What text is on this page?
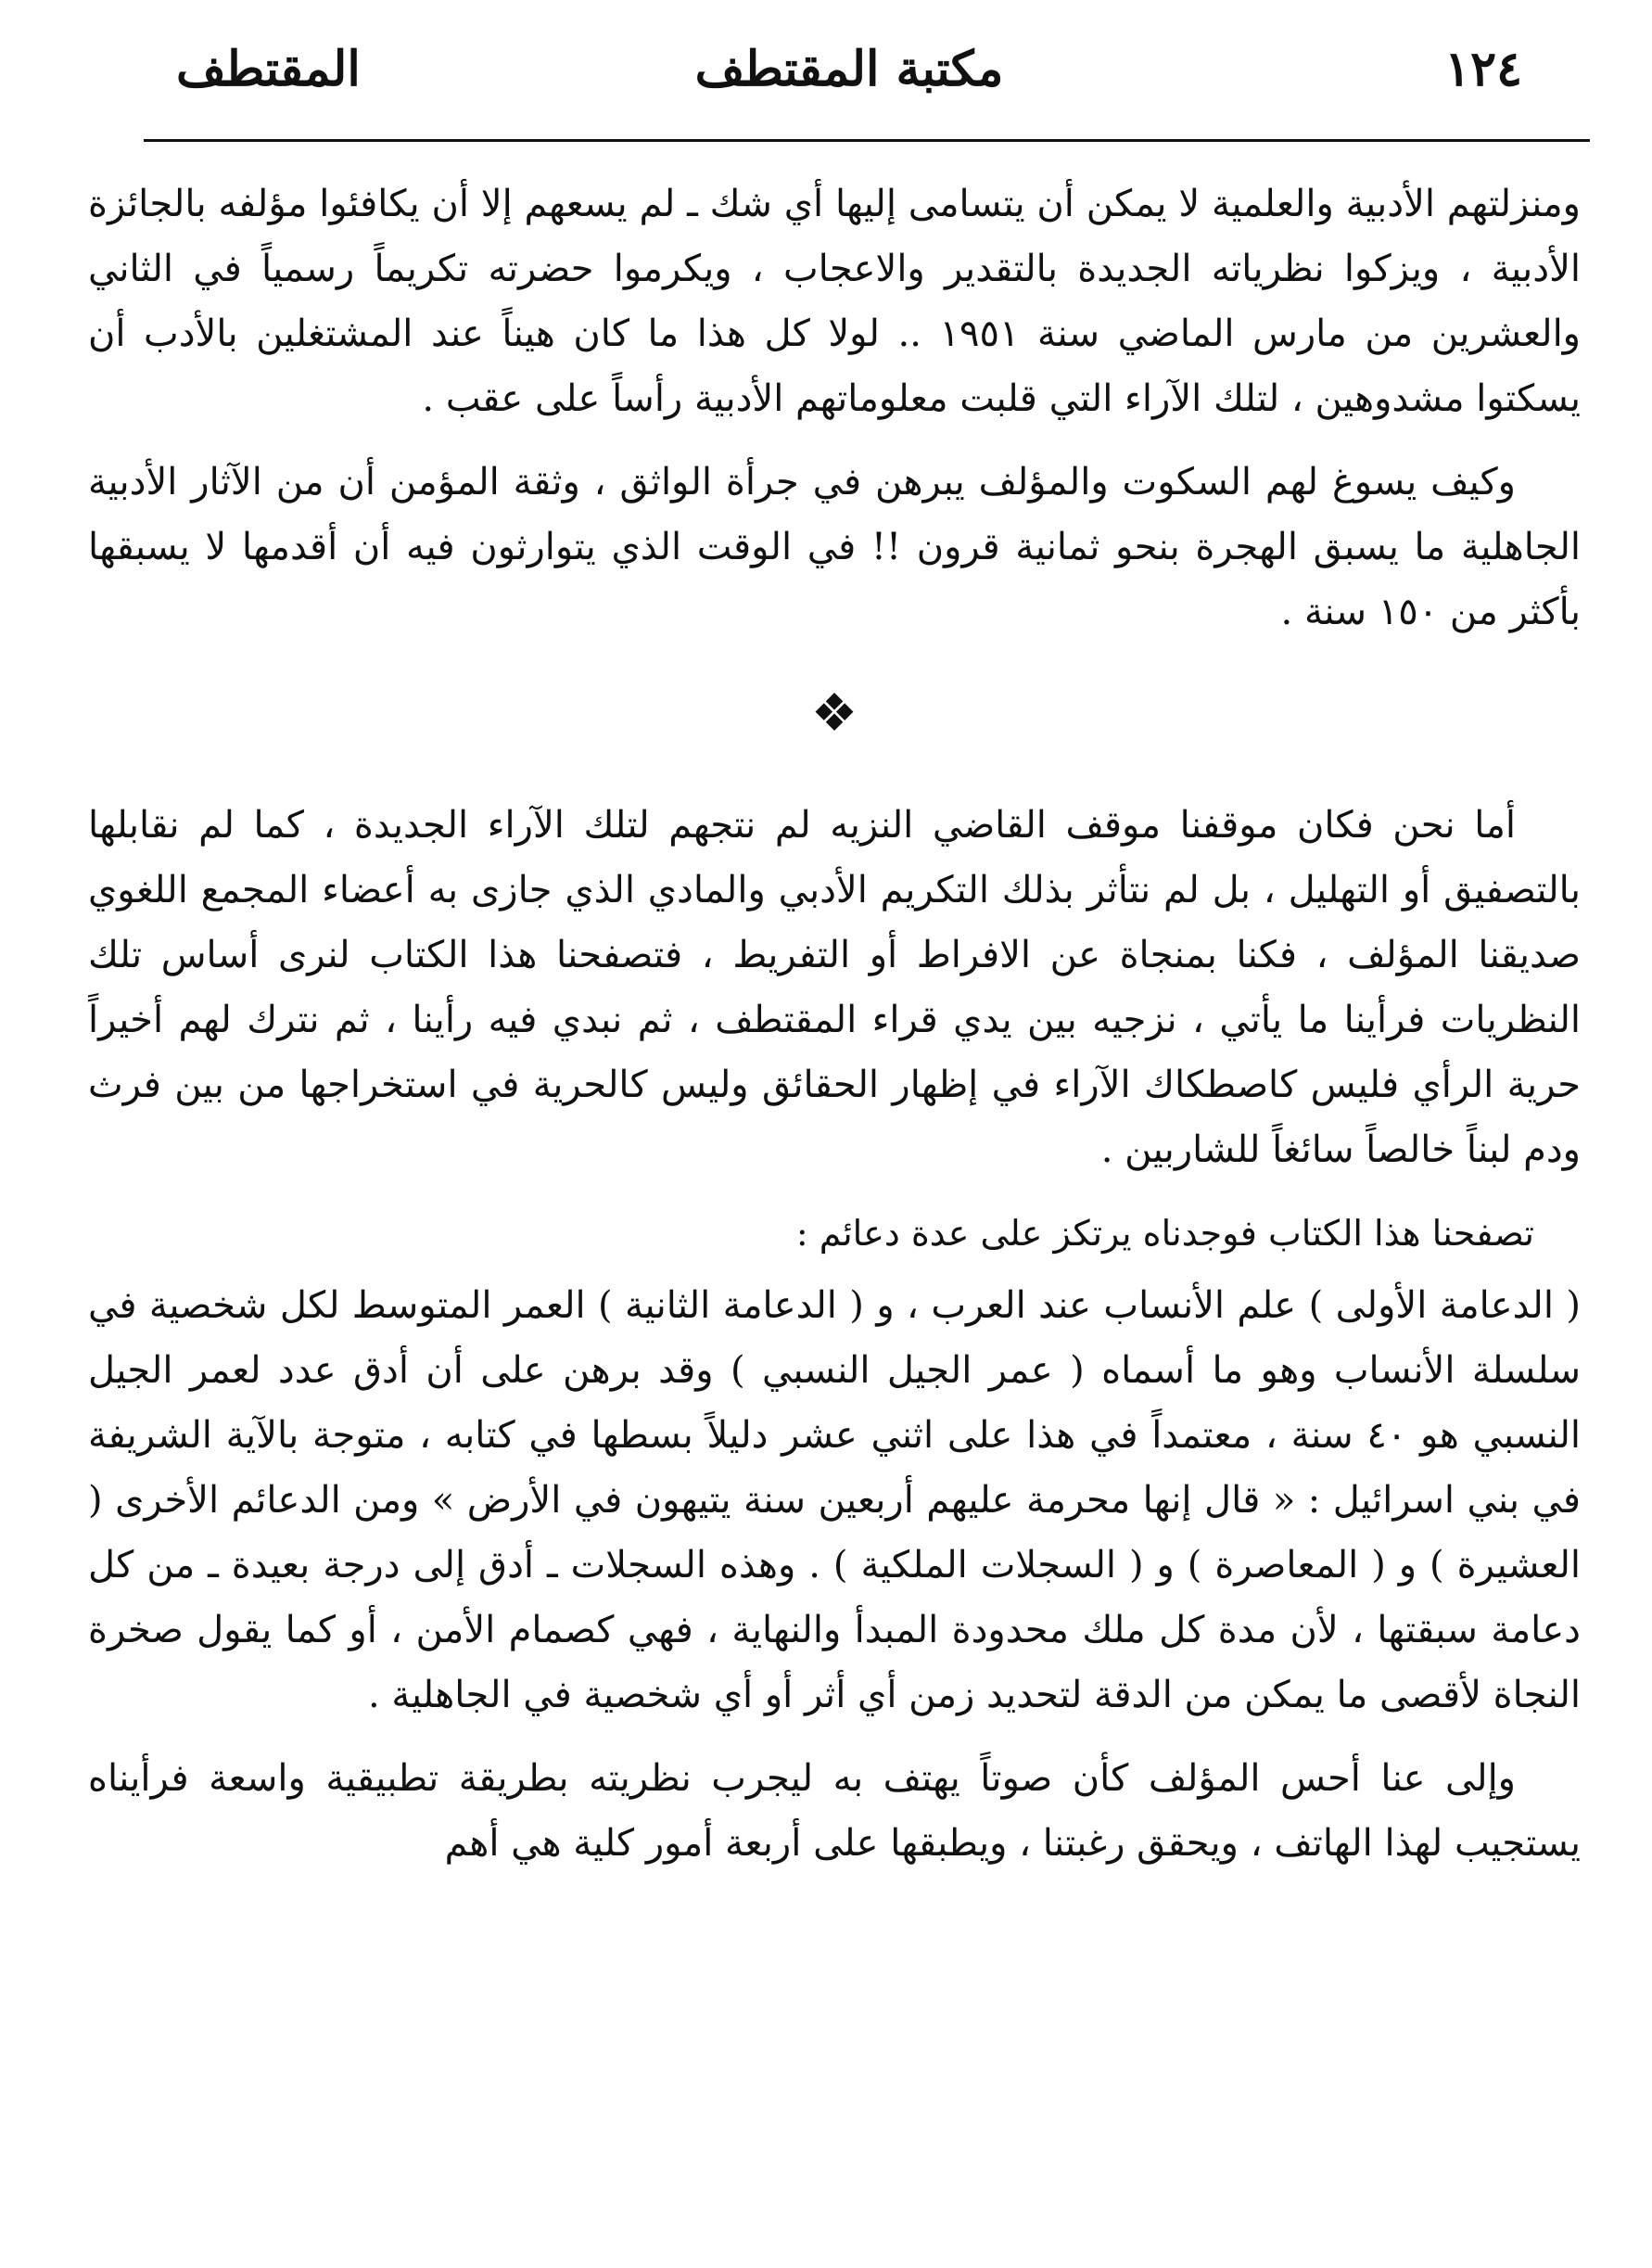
١٢٤
مكتبة المقتطف
المقتطف

ومنزلتهم الأدبية والعلمية لا يمكن أن يتسامى إليها أي شك ـ لم يسعهم إلا أن يكافئوا مؤلفه بالجائزة الأدبية ، ويزكوا نظرياته الجديدة بالتقدير والاعجاب ، ويكرموا حضرته تكريماً رسمياً في الثاني والعشرين من مارس الماضي سنة ١٩٥١ .. لولا كل هذا ما كان هيناً عند المشتغلين بالأدب أن يسكتوا مشدوهين ، لتلك الآراء التي قلبت معلوماتهم الأدبية رأساً على عقب .

وكيف يسوغ لهم السكوت والمؤلف يبرهن في جرأة الواثق ، وثقة المؤمن أن من الآثار الأدبية الجاهلية ما يسبق الهجرة بنحو ثمانية قرون !! في الوقت الذي يتوارثون فيه أن أقدمها لا يسبقها بأكثر من ١٥٠ سنة .

❖

أما نحن فكان موقفنا موقف القاضي النزيه لم نتجهم لتلك الآراء الجديدة ، كما لم نقابلها بالتصفيق أو التهليل ، بل لم نتأثر بذلك التكريم الأدبي والمادي الذي جازى به أعضاء المجمع اللغوي صديقنا المؤلف ، فكنا بمنجاة عن الافراط أو التفريط ، فتصفحنا هذا الكتاب لنرى أساس تلك النظريات فرأينا ما يأتي ، نزجيه بين يدي قراء المقتطف ، ثم نبدي فيه رأينا ، ثم نترك لهم أخيراً حرية الرأي فليس كاصطكاك الآراء في إظهار الحقائق وليس كالحرية في استخراجها من بين فرث ودم لبناً خالصاً سائغاً للشاربين .

تصفحنا هذا الكتاب فوجدناه يرتكز على عدة دعائم :

( الدعامة الأولى ) علم الأنساب عند العرب ، و ( الدعامة الثانية ) العمر المتوسط لكل شخصية في سلسلة الأنساب وهو ما أسماه ( عمر الجيل النسبي ) وقد برهن على أن أدق عدد لعمر الجيل النسبي هو ٤٠ سنة ، معتمداً في هذا على اثني عشر دليلاً بسطها في كتابه ، متوجة بالآية الشريفة في بني اسرائيل : « قال إنها محرمة عليهم أربعين سنة يتيهون في الأرض » ومن الدعائم الأخرى ( العشيرة ) و ( المعاصرة ) و ( السجلات الملكية ) . وهذه السجلات ـ أدق إلى درجة بعيدة ـ من كل دعامة سبقتها ، لأن مدة كل ملك محدودة المبدأ والنهاية ، فهي كصمام الأمن ، أو كما يقول صخرة النجاة لأقصى ما يمكن من الدقة لتحديد زمن أي أثر أو أي شخصية في الجاهلية .

وإلى عنا أحس المؤلف كأن صوتاً يهتف به ليجرب نظريته بطريقة تطبيقية واسعة فرأيناه يستجيب لهذا الهاتف ، ويحقق رغبتنا ، ويطبقها على أربعة أمور كلية هي أهم
